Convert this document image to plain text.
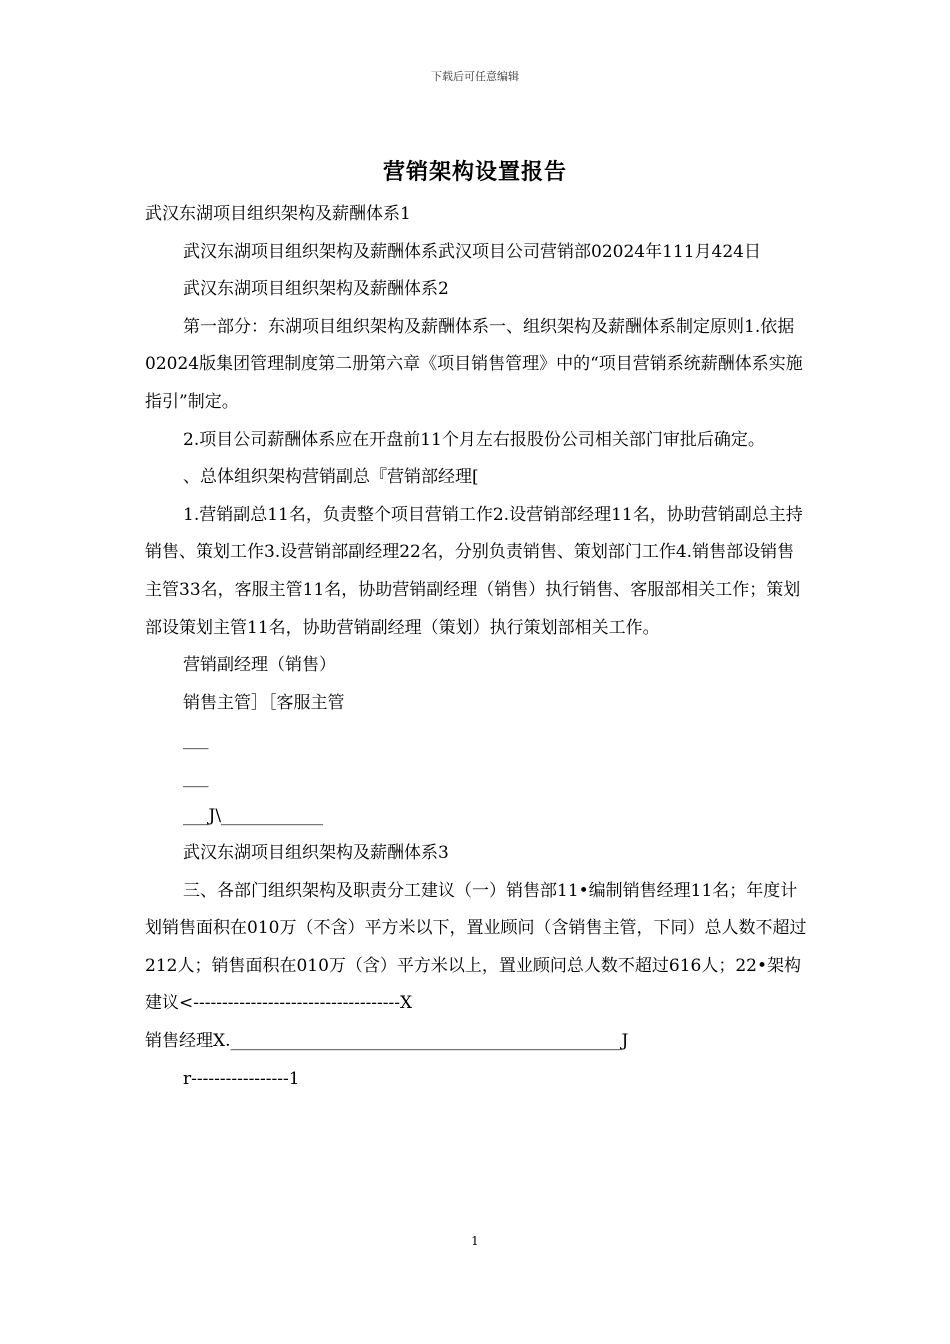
下载后可任意编辑
营销架构设置报告

武汉东湖项目组织架构及薪酬体系1

武汉东湖项目组织架构及薪酬体系武汉项目公司营销部02024年111月424日

武汉东湖项目组织架构及薪酬体系2

第一部分：东湖项目组织架构及薪酬体系一、组织架构及薪酬体系制定原则1.依据02024版集团管理制度第二册第六章《项目销售管理》中的“项目营销系统薪酬体系实施指引”制定。

2.项目公司薪酬体系应在开盘前11个月左右报股份公司相关部门审批后确定。

、总体组织架构营销副总『营销部经理[

1.营销副总11名，负责整个项目营销工作2.设营销部经理11名，协助营销副总主持销售、策划工作3.设营销部副经理22名，分别负责销售、策划部门工作4.销售部设销售主管33名，客服主管11名，协助营销副经理（销售）执行销售、客服部相关工作；策划部设策划主管11名，协助营销副经理（策划）执行策划部相关工作。

营销副经理（销售）

销售主管］［客服主管

___

___

___J\____________

武汉东湖项目组织架构及薪酬体系3

三、各部门组织架构及职责分工建议（一）销售部11•编制销售经理11名；年度计划销售面积在010万（不含）平方米以下，置业顾问（含销售主管，下同）总人数不超过212人；销售面积在010万（含）平方米以上，置业顾问总人数不超过616人；22•架构建议<------------------------------------X

销售经理X.______________________________________________J

r-----------------1

1
